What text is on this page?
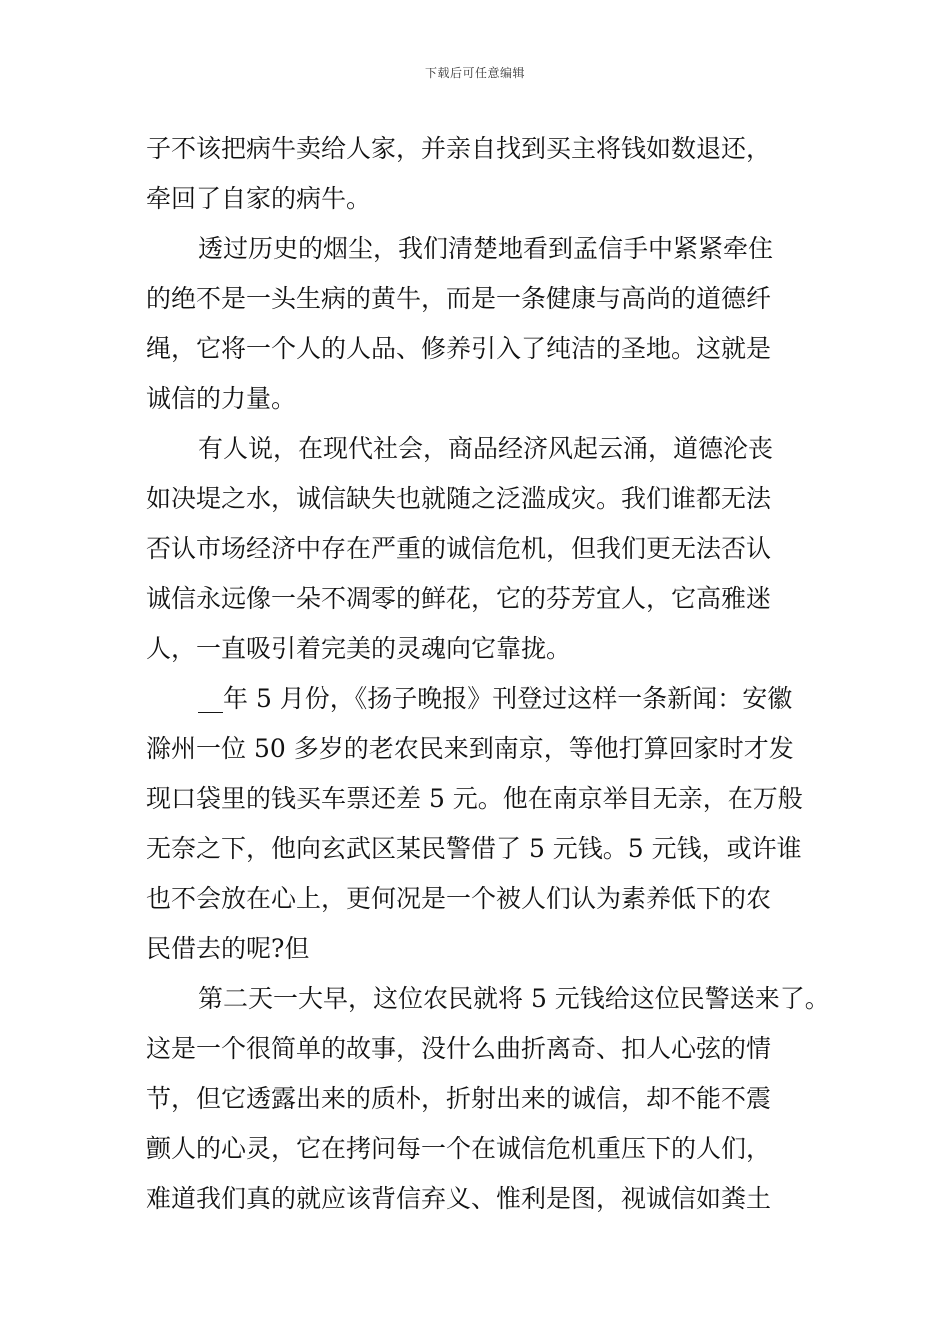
下载后可任意编辑
子不该把病牛卖给人家，并亲自找到买主将钱如数退还，
牵回了自家的病牛。
透过历史的烟尘，我们清楚地看到孟信手中紧紧牵住
的绝不是一头生病的黄牛，而是一条健康与高尚的道德纤
绳，它将一个人的人品、修养引入了纯洁的圣地。这就是
诚信的力量。
有人说，在现代社会，商品经济风起云涌，道德沦丧
如决堤之水，诚信缺失也就随之泛滥成灾。我们谁都无法
否认市场经济中存在严重的诚信危机，但我们更无法否认
诚信永远像一朵不凋零的鲜花，它的芬芳宜人，它高雅迷
人，一直吸引着完美的灵魂向它靠拢。
__年 5 月份，《扬子晚报》刊登过这样一条新闻：安徽
滁州一位 50 多岁的老农民来到南京，等他打算回家时才发
现口袋里的钱买车票还差 5 元。他在南京举目无亲，在万般
无奈之下，他向玄武区某民警借了 5 元钱。5 元钱，或许谁
也不会放在心上，更何况是一个被人们认为素养低下的农
民借去的呢?但
第二天一大早，这位农民就将 5 元钱给这位民警送来了。
这是一个很简单的故事，没什么曲折离奇、扣人心弦的情
节，但它透露出来的质朴，折射出来的诚信，却不能不震
颤人的心灵，它在拷问每一个在诚信危机重压下的人们，
难道我们真的就应该背信弃义、惟利是图，视诚信如粪土
